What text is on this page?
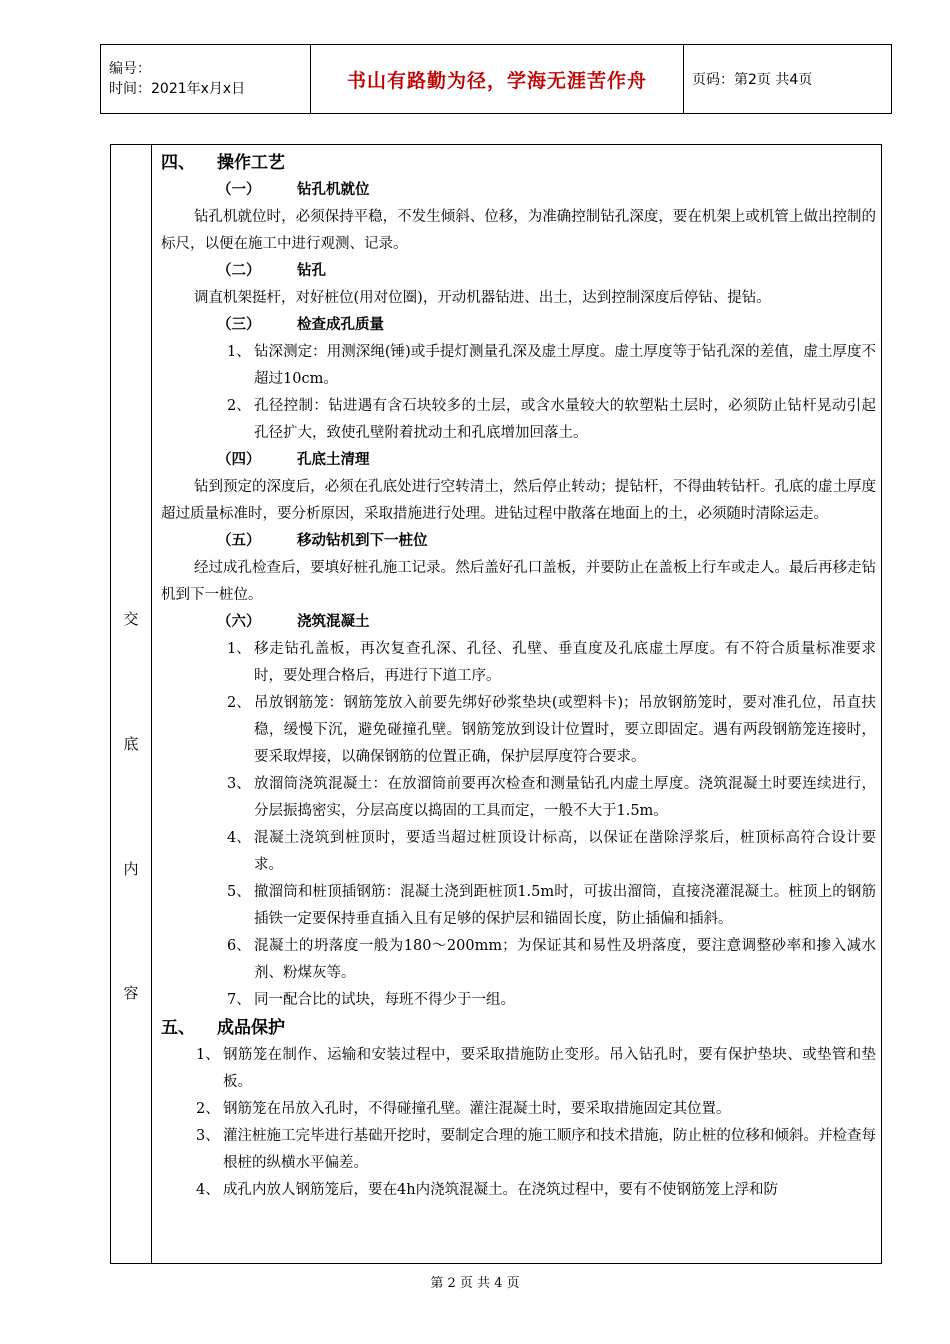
编号：
时间：2021年x月x日	书山有路勤为径，学海无涯苦作舟	页码：第2页 共4页
交
底
内
容
四、 操作工艺
（一）	钻孔机就位
钻孔机就位时，必须保持平稳，不发生倾斜、位移，为准确控制钻孔深度，要在机架上或机管上做出控制的标尺，以便在施工中进行观测、记录。
（二）	钻孔
调直机架挺杆，对好桩位(用对位圈)，开动机器钻进、出土，达到控制深度后停钻、提钻。
（三）	检查成孔质量
1、 钻深测定：用测深绳(锤)或手提灯测量孔深及虚土厚度。虚土厚度等于钻孔深的差值，虚土厚度不超过10cm。
2、 孔径控制：钻进遇有含石块较多的土层，或含水量较大的软塑粘土层时，必须防止钻杆晃动引起孔径扩大，致使孔壁附着扰动土和孔底增加回落土。
（四）	孔底土清理
钻到预定的深度后，必须在孔底处进行空转清土，然后停止转动；提钻杆，不得曲转钻杆。孔底的虚土厚度超过质量标准时，要分析原因，采取措施进行处理。进钻过程中散落在地面上的土，必须随时清除运走。
（五）	移动钻机到下一桩位
经过成孔检查后，要填好桩孔施工记录。然后盖好孔口盖板，并要防止在盖板上行车或走人。最后再移走钻机到下一桩位。
（六）	浇筑混凝土
1、 移走钻孔盖板，再次复查孔深、孔径、孔壁、垂直度及孔底虚土厚度。有不符合质量标准要求时，要处理合格后，再进行下道工序。
2、 吊放钢筋笼：钢筋笼放入前要先绑好砂浆垫块(或塑料卡)；吊放钢筋笼时，要对准孔位，吊直扶稳，缓慢下沉，避免碰撞孔壁。钢筋笼放到设计位置时，要立即固定。遇有两段钢筋笼连接时，要采取焊接，以确保钢筋的位置正确，保护层厚度符合要求。
3、 放溜筒浇筑混凝土：在放溜筒前要再次检查和测量钻孔内虚土厚度。浇筑混凝土时要连续进行，分层振捣密实，分层高度以捣固的工具而定，一般不大于1.5m。
4、 混凝土浇筑到桩顶时，要适当超过桩顶设计标高，以保证在凿除浮浆后，桩顶标高符合设计要求。
5、 撤溜筒和桩顶插钢筋：混凝土浇到距桩顶1.5m时，可拔出溜筒，直接浇灌混凝土。桩顶上的钢筋插铁一定要保持垂直插入且有足够的保护层和锚固长度，防止插偏和插斜。
6、 混凝土的坍落度一般为180～200mm；为保证其和易性及坍落度，要注意调整砂率和掺入减水剂、粉煤灰等。
7、 同一配合比的试块，每班不得少于一组。
五、 成品保护
1、 钢筋笼在制作、运输和安装过程中，要采取措施防止变形。吊入钻孔时，要有保护垫块、或垫管和垫板。
2、 钢筋笼在吊放入孔时，不得碰撞孔壁。灌注混凝土时，要采取措施固定其位置。
3、 灌注桩施工完毕进行基础开挖时，要制定合理的施工顺序和技术措施，防止桩的位移和倾斜。并检查每根桩的纵横水平偏差。
4、 成孔内放人钢筋笼后，要在4h内浇筑混凝土。在浇筑过程中，要有不使钢筋笼上浮和防
第 2 页 共 4 页
